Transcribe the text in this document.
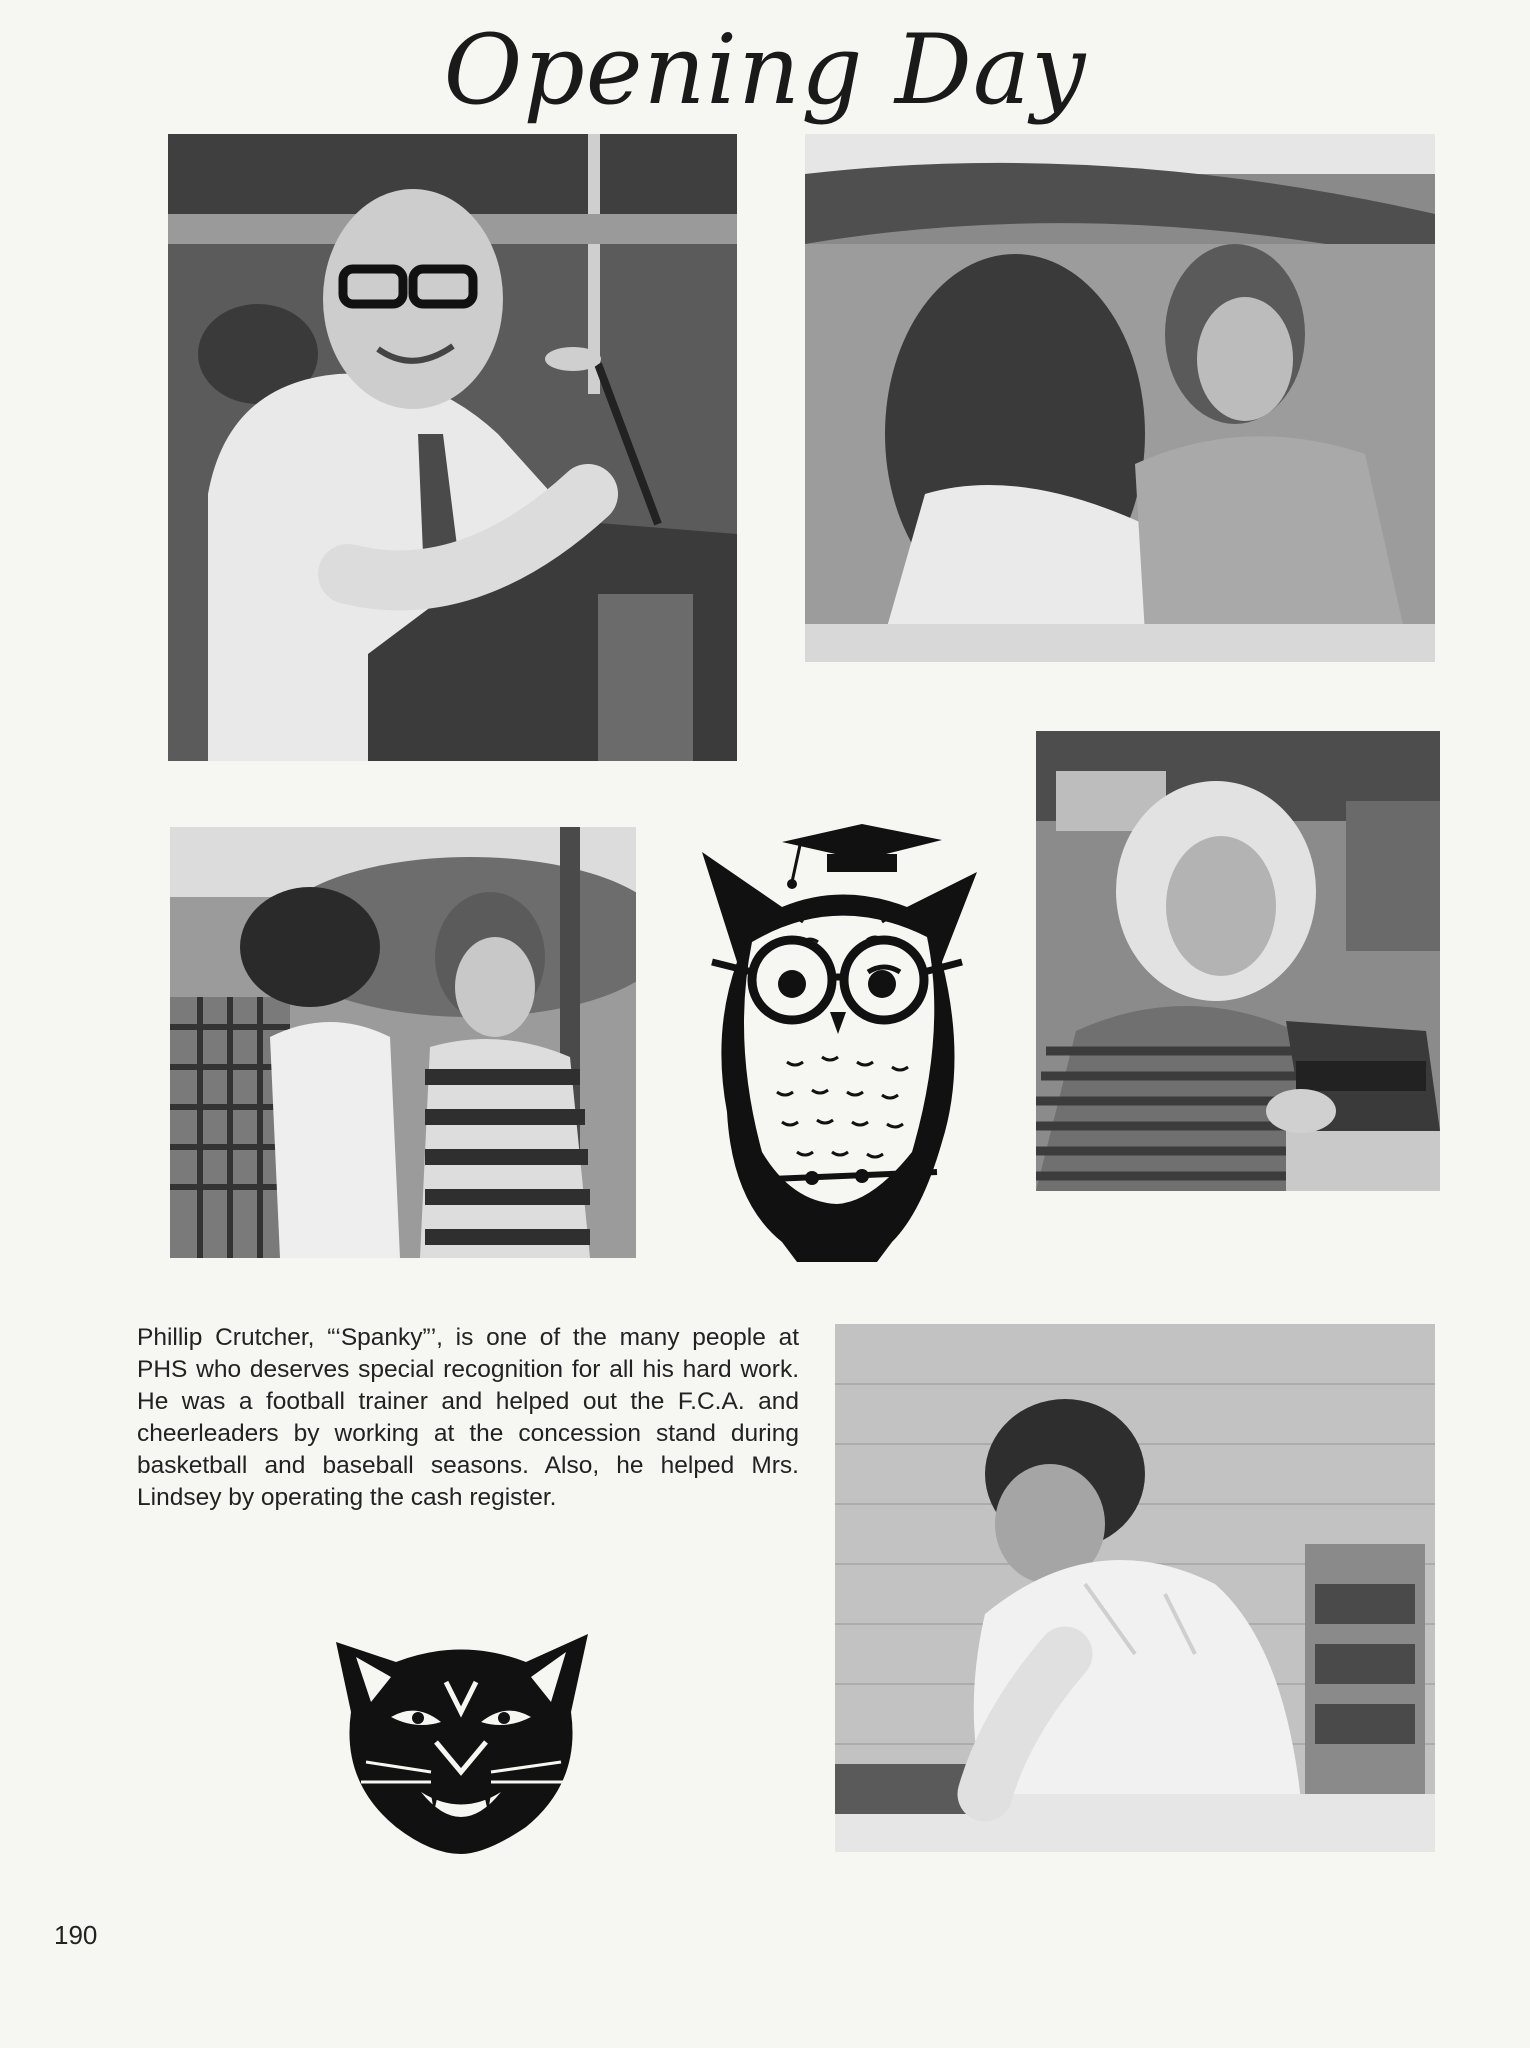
Opening Day
Phillip Crutcher, “‘Spanky”’, is one of the many people at PHS who deserves special recognition for all his hard work. He was a football trainer and helped out the F.C.A. and cheerleaders by working at the concession stand during basketball and baseball seasons. Also, he helped Mrs. Lindsey by operating the cash register.
190
